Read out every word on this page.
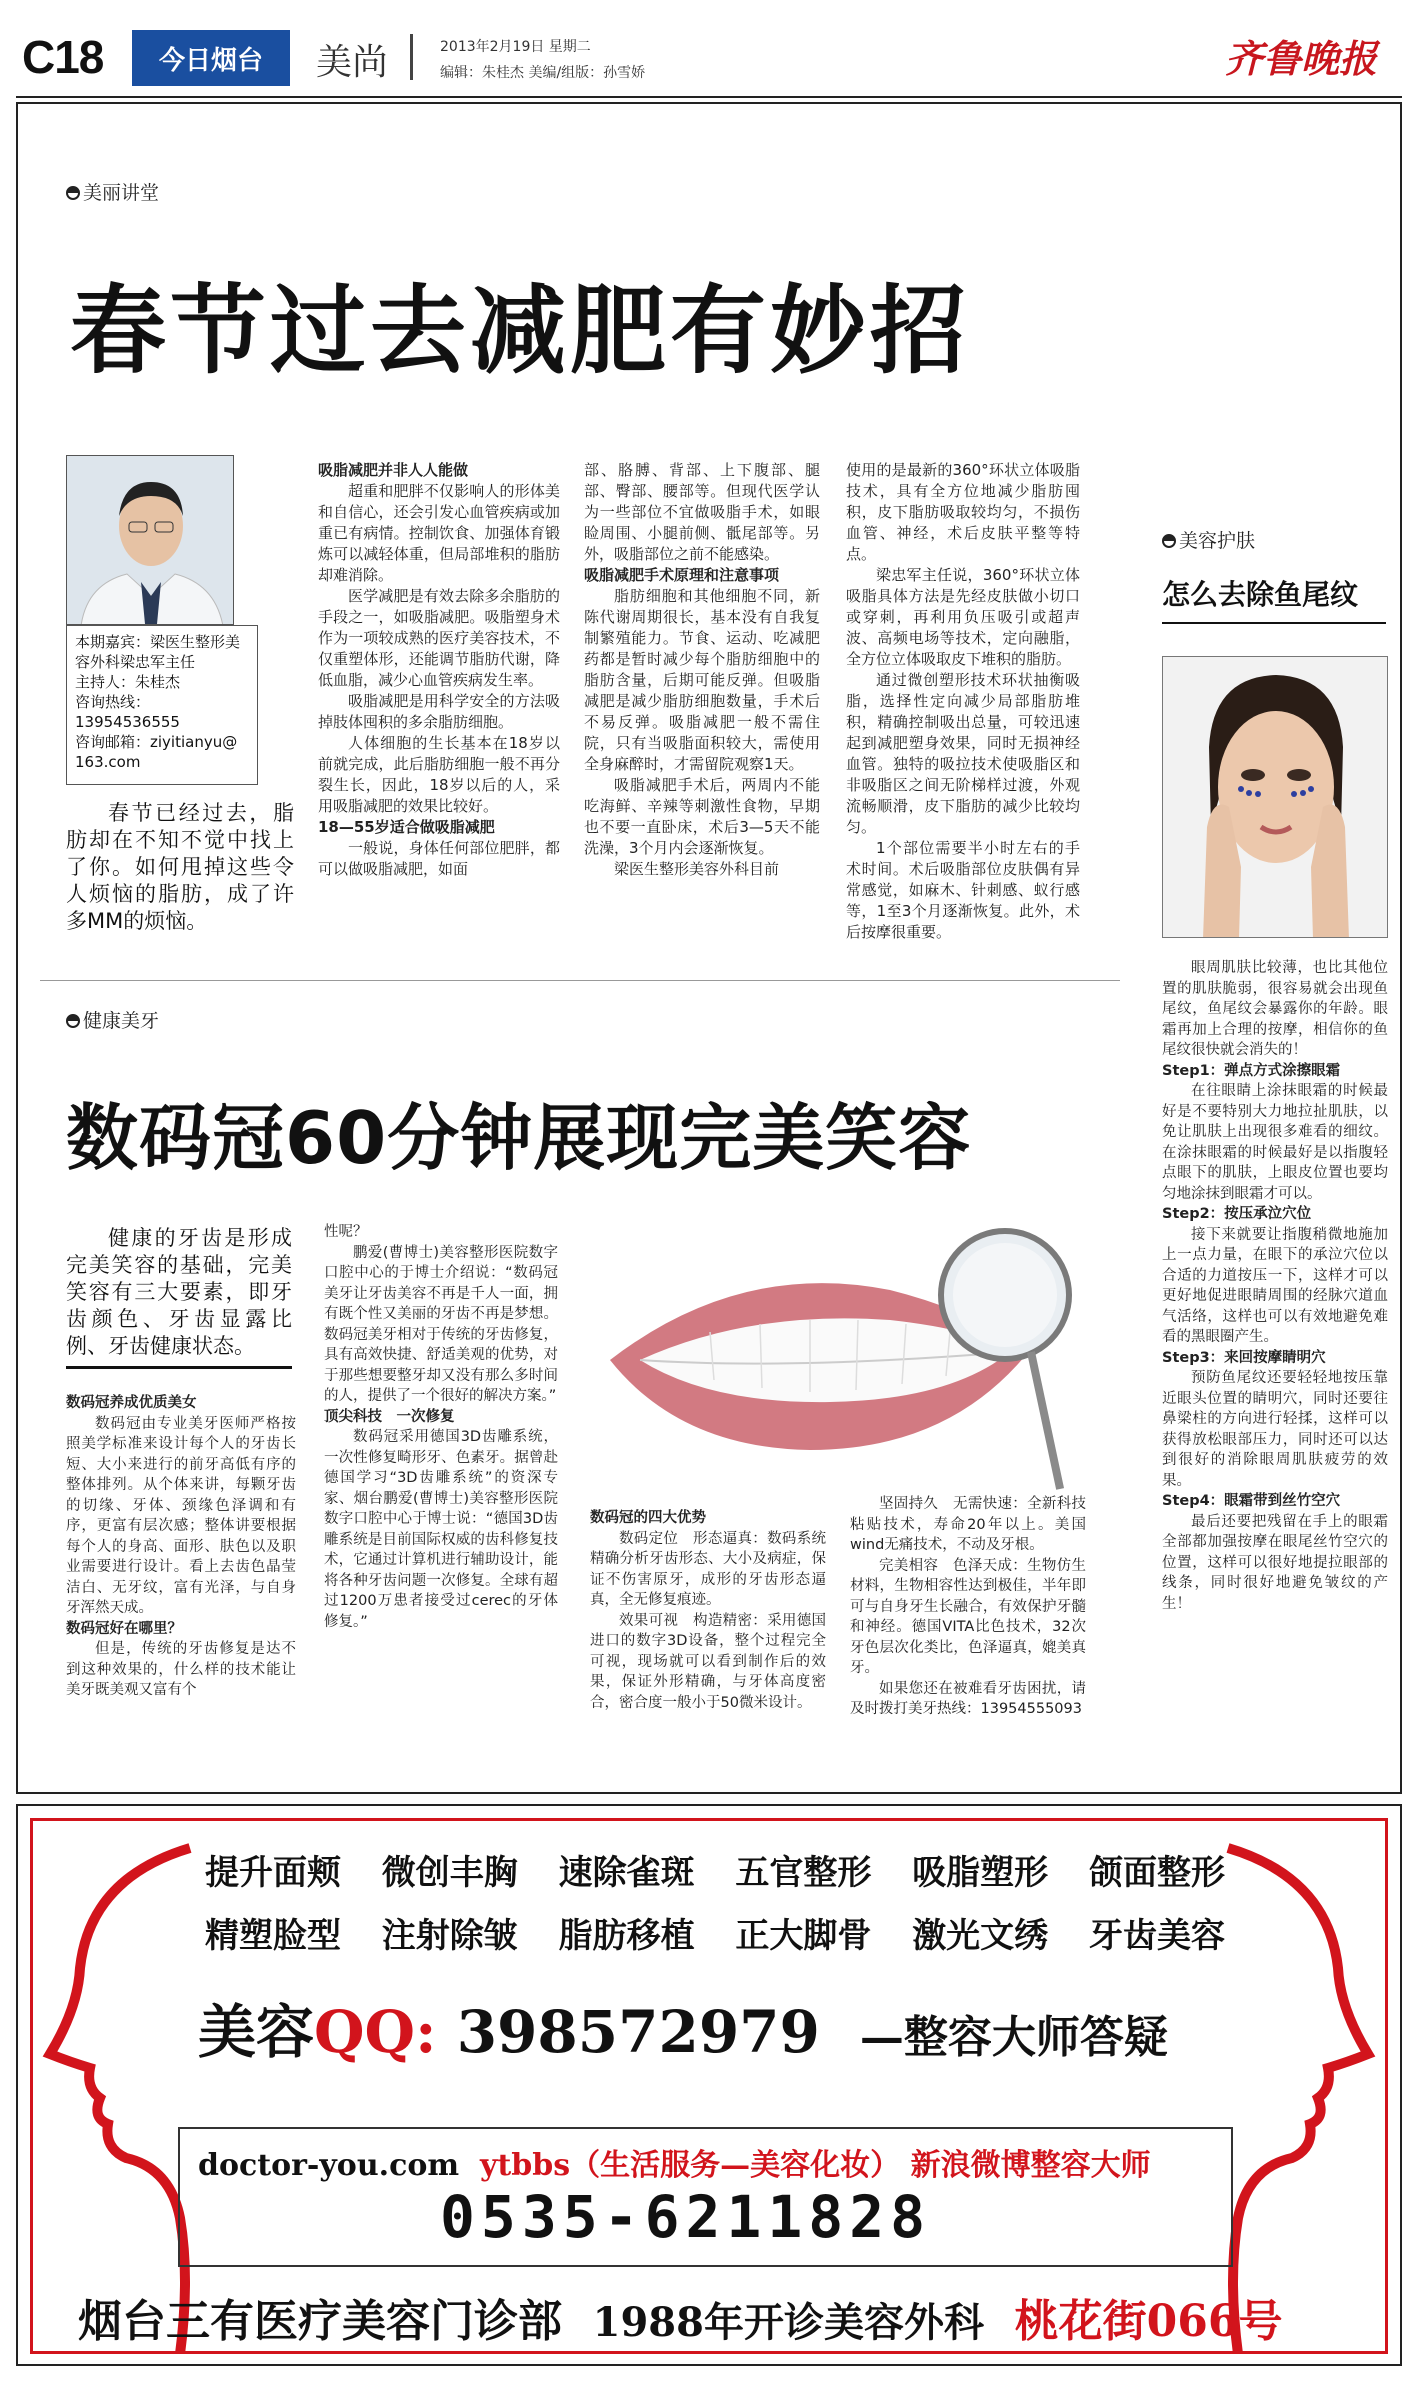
C18	今日烟台	美尚	2013年2月19日 星期二
编辑：朱桂杰 美编/组版：孙雪娇	齐鲁晚报
美丽讲堂
春节过去减肥有妙招
本期嘉宾：梁医生整形美
容外科梁忠军主任
主持人：朱桂杰
咨询热线：13954536555
咨询邮箱：ziyitianyu@
163.com
春节已经过去，脂肪却在不知不觉中找上了你。如何甩掉这些令人烦恼的脂肪，成了许多MM的烦恼。

吸脂减肥并非人人能做

超重和肥胖不仅影响人的形体美和自信心，还会引发心血管疾病或加重已有病情。控制饮食、加强体育锻炼可以减轻体重，但局部堆积的脂肪却难消除。

医学减肥是有效去除多余脂肪的手段之一，如吸脂减肥。吸脂塑身术作为一项较成熟的医疗美容技术，不仅重塑体形，还能调节脂肪代谢，降低血脂，减少心血管疾病发生率。

吸脂减肥是用科学安全的方法吸掉肢体囤积的多余脂肪细胞。

人体细胞的生长基本在18岁以前就完成，此后脂肪细胞一般不再分裂生长，因此，18岁以后的人，采用吸脂减肥的效果比较好。

18—55岁适合做吸脂减肥

一般说，身体任何部位肥胖，都可以做吸脂减肥，如面

部、胳膊、背部、上下腹部、腿部、臀部、腰部等。但现代医学认为一些部位不宜做吸脂手术，如眼睑周围、小腿前侧、骶尾部等。另外，吸脂部位之前不能感染。

吸脂减肥手术原理和注意事项

脂肪细胞和其他细胞不同，新陈代谢周期很长，基本没有自我复制繁殖能力。节食、运动、吃减肥药都是暂时减少每个脂肪细胞中的脂肪含量，后期可能反弹。但吸脂减肥是减少脂肪细胞数量，手术后不易反弹。吸脂减肥一般不需住院，只有当吸脂面积较大，需使用全身麻醉时，才需留院观察1天。

吸脂减肥手术后，两周内不能吃海鲜、辛辣等刺激性食物，早期也不要一直卧床，术后3—5天不能洗澡，3个月内会逐渐恢复。

梁医生整形美容外科目前

使用的是最新的360°环状立体吸脂技术，具有全方位地减少脂肪囤积，皮下脂肪吸取较均匀，不损伤血管、神经，术后皮肤平整等特点。

梁忠军主任说，360°环状立体吸脂具体方法是先经皮肤做小切口或穿刺，再利用负压吸引或超声波、高频电场等技术，定向融脂，全方位立体吸取皮下堆积的脂肪。

通过微创塑形技术环状抽衡吸脂，选择性定向减少局部脂肪堆积，精确控制吸出总量，可较迅速起到减肥塑身效果，同时无损神经血管。独特的吸拉技术使吸脂区和非吸脂区之间无阶梯样过渡，外观流畅顺滑，皮下脂肪的减少比较均匀。

1个部位需要半小时左右的手术时间。术后吸脂部位皮肤偶有异常感觉，如麻木、针刺感、蚁行感等，1至3个月逐渐恢复。此外，术后按摩很重要。

美容护肤
怎么去除鱼尾纹

眼周肌肤比较薄，也比其他位置的肌肤脆弱，很容易就会出现鱼尾纹，鱼尾纹会暴露你的年龄。眼霜再加上合理的按摩，相信你的鱼尾纹很快就会消失的！

Step1：弹点方式涂擦眼霜

在往眼睛上涂抹眼霜的时候最好是不要特别大力地拉扯肌肤，以免让肌肤上出现很多难看的细纹。在涂抹眼霜的时候最好是以指腹轻点眼下的肌肤，上眼皮位置也要均匀地涂抹到眼霜才可以。

Step2：按压承泣穴位

接下来就要让指腹稍微地施加上一点力量，在眼下的承泣穴位以合适的力道按压一下，这样才可以更好地促进眼睛周围的经脉穴道血气活络，这样也可以有效地避免难看的黑眼圈产生。

Step3：来回按摩睛明穴

预防鱼尾纹还要轻轻地按压靠近眼头位置的睛明穴，同时还要往鼻梁柱的方向进行轻揉，这样可以获得放松眼部压力，同时还可以达到很好的消除眼周肌肤疲劳的效果。

Step4：眼霜带到丝竹空穴

最后还要把残留在手上的眼霜全部都加强按摩在眼尾丝竹空穴的位置，这样可以很好地提拉眼部的线条，同时很好地避免皱纹的产生！

健康美牙
数码冠60分钟展现完美笑容
健康的牙齿是形成完美笑容的基础，完美笑容有三大要素，即牙齿颜色、牙齿显露比例、牙齿健康状态。

数码冠养成优质美女

数码冠由专业美牙医师严格按照美学标准来设计每个人的牙齿长短、大小来进行的前牙高低有序的整体排列。从个体来讲，每颗牙齿的切缘、牙体、颈缘色泽调和有序，更富有层次感；整体讲要根据每个人的身高、面形、肤色以及职业需要进行设计。看上去齿色晶莹洁白、无牙纹，富有光泽，与自身牙浑然天成。

数码冠好在哪里？

但是，传统的牙齿修复是达不到这种效果的，什么样的技术能让美牙既美观又富有个

性呢？

鹏爱(曹博士)美容整形医院数字口腔中心的于博士介绍说：“数码冠美牙让牙齿美容不再是千人一面，拥有既个性又美丽的牙齿不再是梦想。数码冠美牙相对于传统的牙齿修复，具有高效快捷、舒适美观的优势，对于那些想要整牙却又没有那么多时间的人，提供了一个很好的解决方案。”

顶尖科技　一次修复

数码冠采用德国3D齿雕系统，一次性修复畸形牙、色素牙。据曾赴德国学习“3D齿雕系统”的资深专家、烟台鹏爱(曹博士)美容整形医院数字口腔中心于博士说：“德国3D齿雕系统是目前国际权威的齿科修复技术，它通过计算机进行辅助设计，能将各种牙齿问题一次修复。全球有超过1200万患者接受过cerec的牙体修复。”

数码冠的四大优势

数码定位　形态逼真：数码系统精确分析牙齿形态、大小及病症，保证不伤害原牙，成形的牙齿形态逼真，全无修复痕迹。

效果可视　构造精密：采用德国进口的数字3D设备，整个过程完全可视，现场就可以看到制作后的效果，保证外形精确，与牙体高度密合，密合度一般小于50微米设计。

坚固持久　无需快速：全新科技粘贴技术，寿命20年以上。美国wind无痛技术，不动及牙根。

完美相容　色泽天成：生物仿生材料，生物相容性达到极佳，半年即可与自身牙生长融合，有效保护牙髓和神经。德国VITA比色技术，32次牙色层次化类比，色泽逼真，媲美真牙。

如果您还在被难看牙齿困扰，请及时拨打美牙热线：13954555093

提升面颊 微创丰胸 速除雀斑 五官整形 吸脂塑形 颌面整形
精塑脸型 注射除皱 脂肪移植 正大脚骨 激光文绣 牙齿美容
美容QQ: 398572979 —整容大师答疑
doctor-you.com ytbbs（生活服务—美容化妆） 新浪微博整容大师
0535-6211828
烟台三有医疗美容门诊部 1988年开诊美容外科 桃花街066号
